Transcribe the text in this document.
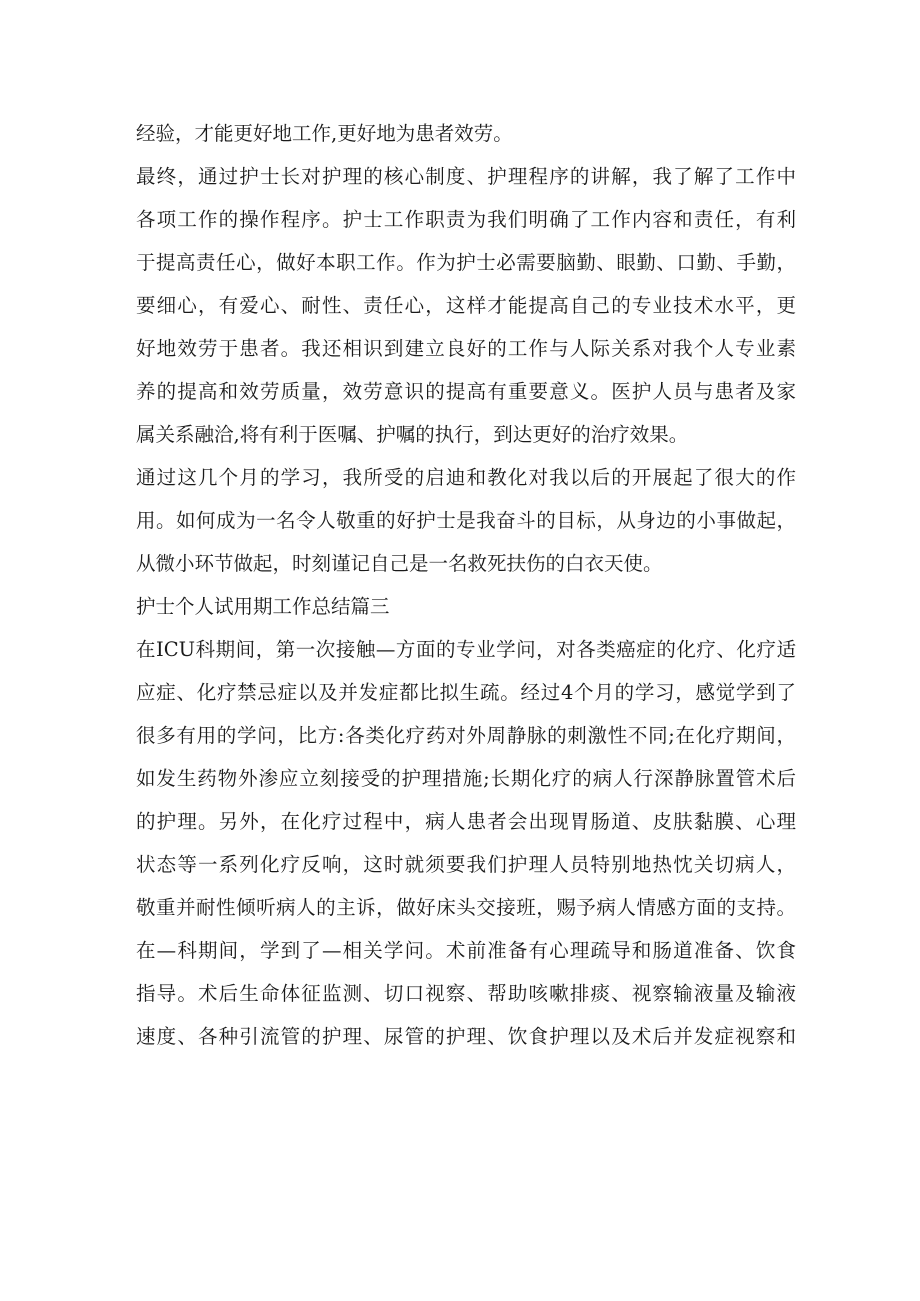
经验，才能更好地工作,更好地为患者效劳。
最终，通过护士长对护理的核心制度、护理程序的讲解，我了解了工作中
各项工作的操作程序。护士工作职责为我们明确了工作内容和责任，有利
于提高责任心，做好本职工作。作为护士必需要脑勤、眼勤、口勤、手勤，
要细心，有爱心、耐性、责任心，这样才能提高自己的专业技术水平，更
好地效劳于患者。我还相识到建立良好的工作与人际关系对我个人专业素
养的提高和效劳质量，效劳意识的提高有重要意义。医护人员与患者及家
属关系融洽,将有利于医嘱、护嘱的执行，到达更好的治疗效果。
通过这几个月的学习，我所受的启迪和教化对我以后的开展起了很大的作
用。如何成为一名令人敬重的好护士是我奋斗的目标，从身边的小事做起，
从微小环节做起，时刻谨记自己是一名救死扶伤的白衣天使。
护士个人试用期工作总结篇三
在ICU科期间，第一次接触—方面的专业学问，对各类癌症的化疗、化疗适
应症、化疗禁忌症以及并发症都比拟生疏。经过4个月的学习，感觉学到了
很多有用的学问，比方:各类化疗药对外周静脉的刺激性不同;在化疗期间，
如发生药物外渗应立刻接受的护理措施;长期化疗的病人行深静脉置管术后
的护理。另外，在化疗过程中，病人患者会出现胃肠道、皮肤黏膜、心理
状态等一系列化疗反响，这时就须要我们护理人员特别地热忱关切病人，
敬重并耐性倾听病人的主诉，做好床头交接班，赐予病人情感方面的支持。
在—科期间，学到了—相关学问。术前准备有心理疏导和肠道准备、饮食
指导。术后生命体征监测、切口视察、帮助咳嗽排痰、视察输液量及输液
速度、各种引流管的护理、尿管的护理、饮食护理以及术后并发症视察和
